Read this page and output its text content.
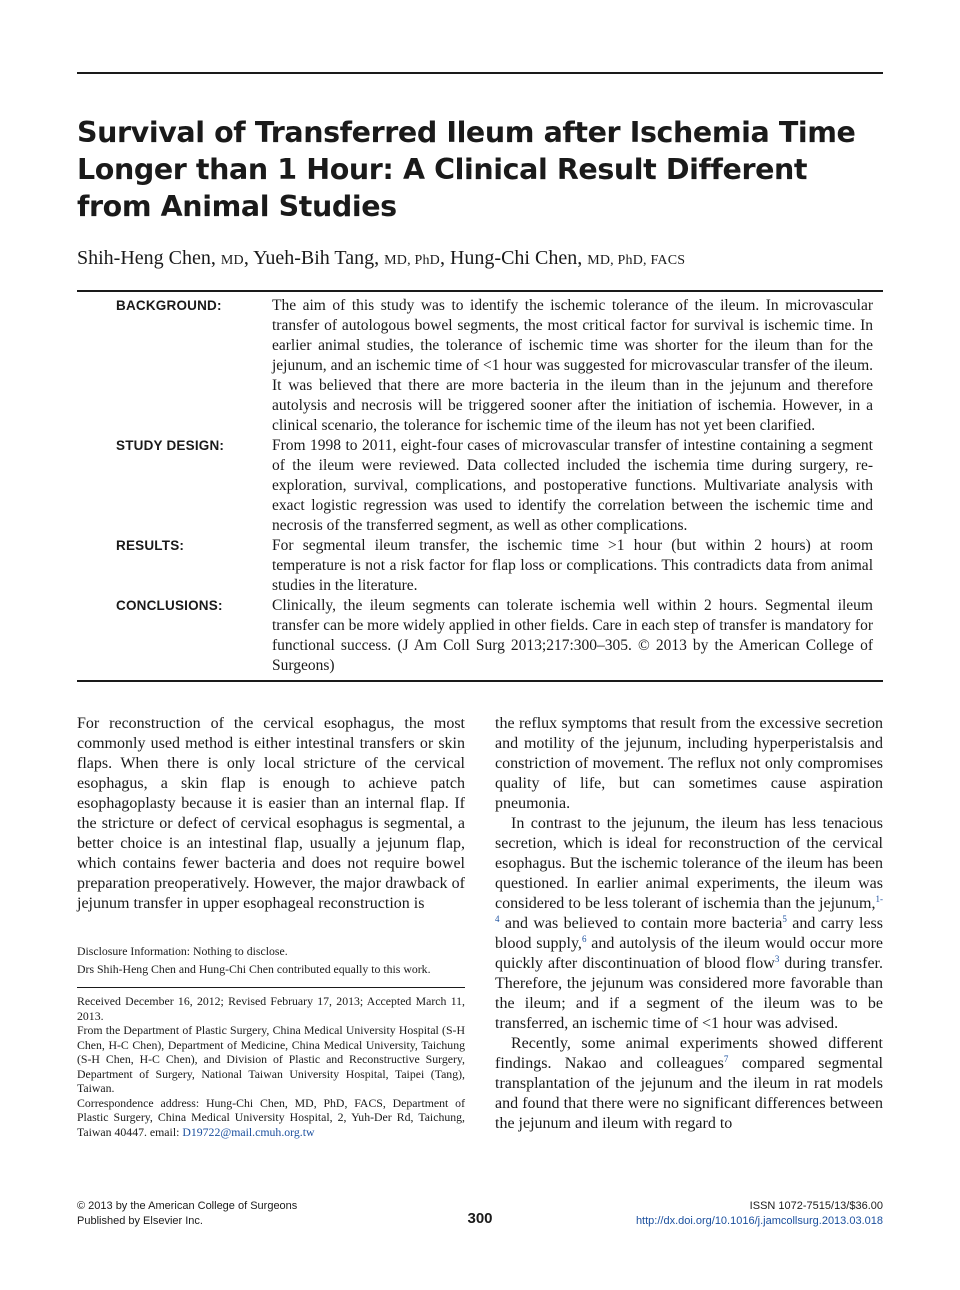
Survival of Transferred Ileum after Ischemia Time Longer than 1 Hour: A Clinical Result Different from Animal Studies
Shih-Heng Chen, MD, Yueh-Bih Tang, MD, PhD, Hung-Chi Chen, MD, PhD, FACS
BACKGROUND:	The aim of this study was to identify the ischemic tolerance of the ileum. In microvascular transfer of autologous bowel segments, the most critical factor for survival is ischemic time. In earlier animal studies, the tolerance of ischemic time was shorter for the ileum than for the jejunum, and an ischemic time of <1 hour was suggested for microvascular transfer of the ileum. It was believed that there are more bacteria in the ileum than in the jejunum and therefore autolysis and necrosis will be triggered sooner after the initiation of ischemia. However, in a clinical scenario, the tolerance for ischemic time of the ileum has not yet been clarified.
STUDY DESIGN:	From 1998 to 2011, eight-four cases of microvascular transfer of intestine containing a segment of the ileum were reviewed. Data collected included the ischemia time during surgery, re-exploration, survival, complications, and postoperative functions. Multivariate analysis with exact logistic regression was used to identify the correlation between the ischemic time and necrosis of the transferred segment, as well as other complications.
RESULTS:	For segmental ileum transfer, the ischemic time >1 hour (but within 2 hours) at room temperature is not a risk factor for flap loss or complications. This contradicts data from animal studies in the literature.
CONCLUSIONS:	Clinically, the ileum segments can tolerate ischemia well within 2 hours. Segmental ileum transfer can be more widely applied in other fields. Care in each step of transfer is mandatory for functional success. (J Am Coll Surg 2013;217:300–305. © 2013 by the American College of Surgeons)

For reconstruction of the cervical esophagus, the most commonly used method is either intestinal transfers or skin flaps. When there is only local stricture of the cervical esophagus, a skin flap is enough to achieve patch esophagoplasty because it is easier than an internal flap. If the stricture or defect of cervical esophagus is segmental, a better choice is an intestinal flap, usually a jejunum flap, which contains fewer bacteria and does not require bowel preparation preoperatively. However, the major drawback of jejunum transfer in upper esophageal reconstruction is

Disclosure Information: Nothing to disclose.

Drs Shih-Heng Chen and Hung-Chi Chen contributed equally to this work.

Received December 16, 2012; Revised February 17, 2013; Accepted March 11, 2013.

From the Department of Plastic Surgery, China Medical University Hospital (S-H Chen, H-C Chen), Department of Medicine, China Medical University, Taichung (S-H Chen, H-C Chen), and Division of Plastic and Reconstructive Surgery, Department of Surgery, National Taiwan University Hospital, Taipei (Tang), Taiwan.

Correspondence address: Hung-Chi Chen, MD, PhD, FACS, Department of Plastic Surgery, China Medical University Hospital, 2, Yuh-Der Rd, Taichung, Taiwan 40447. email: D19722@mail.cmuh.org.tw

the reflux symptoms that result from the excessive secretion and motility of the jejunum, including hyperperistalsis and constriction of movement. The reflux not only compromises quality of life, but can sometimes cause aspiration pneumonia.

In contrast to the jejunum, the ileum has less tenacious secretion, which is ideal for reconstruction of the cervical esophagus. But the ischemic tolerance of the ileum has been questioned. In earlier animal experiments, the ileum was considered to be less tolerant of ischemia than the jejunum,$^{1-4}$ and was believed to contain more bacteria$^5$ and carry less blood supply,$^6$ and autolysis of the ileum would occur more quickly after discontinuation of blood flow$^3$ during transfer. Therefore, the jejunum was considered more favorable than the ileum; and if a segment of the ileum was to be transferred, an ischemic time of <1 hour was advised.

Recently, some animal experiments showed different findings. Nakao and colleagues$^7$ compared segmental transplantation of the jejunum and the ileum in rat models and found that there were no significant differences between the jejunum and ileum with regard to

© 2013 by the American College of Surgeons
Published by Elsevier Inc.	300
ISSN 1072-7515/13/$36.00
http://dx.doi.org/10.1016/j.jamcollsurg.2013.03.018
